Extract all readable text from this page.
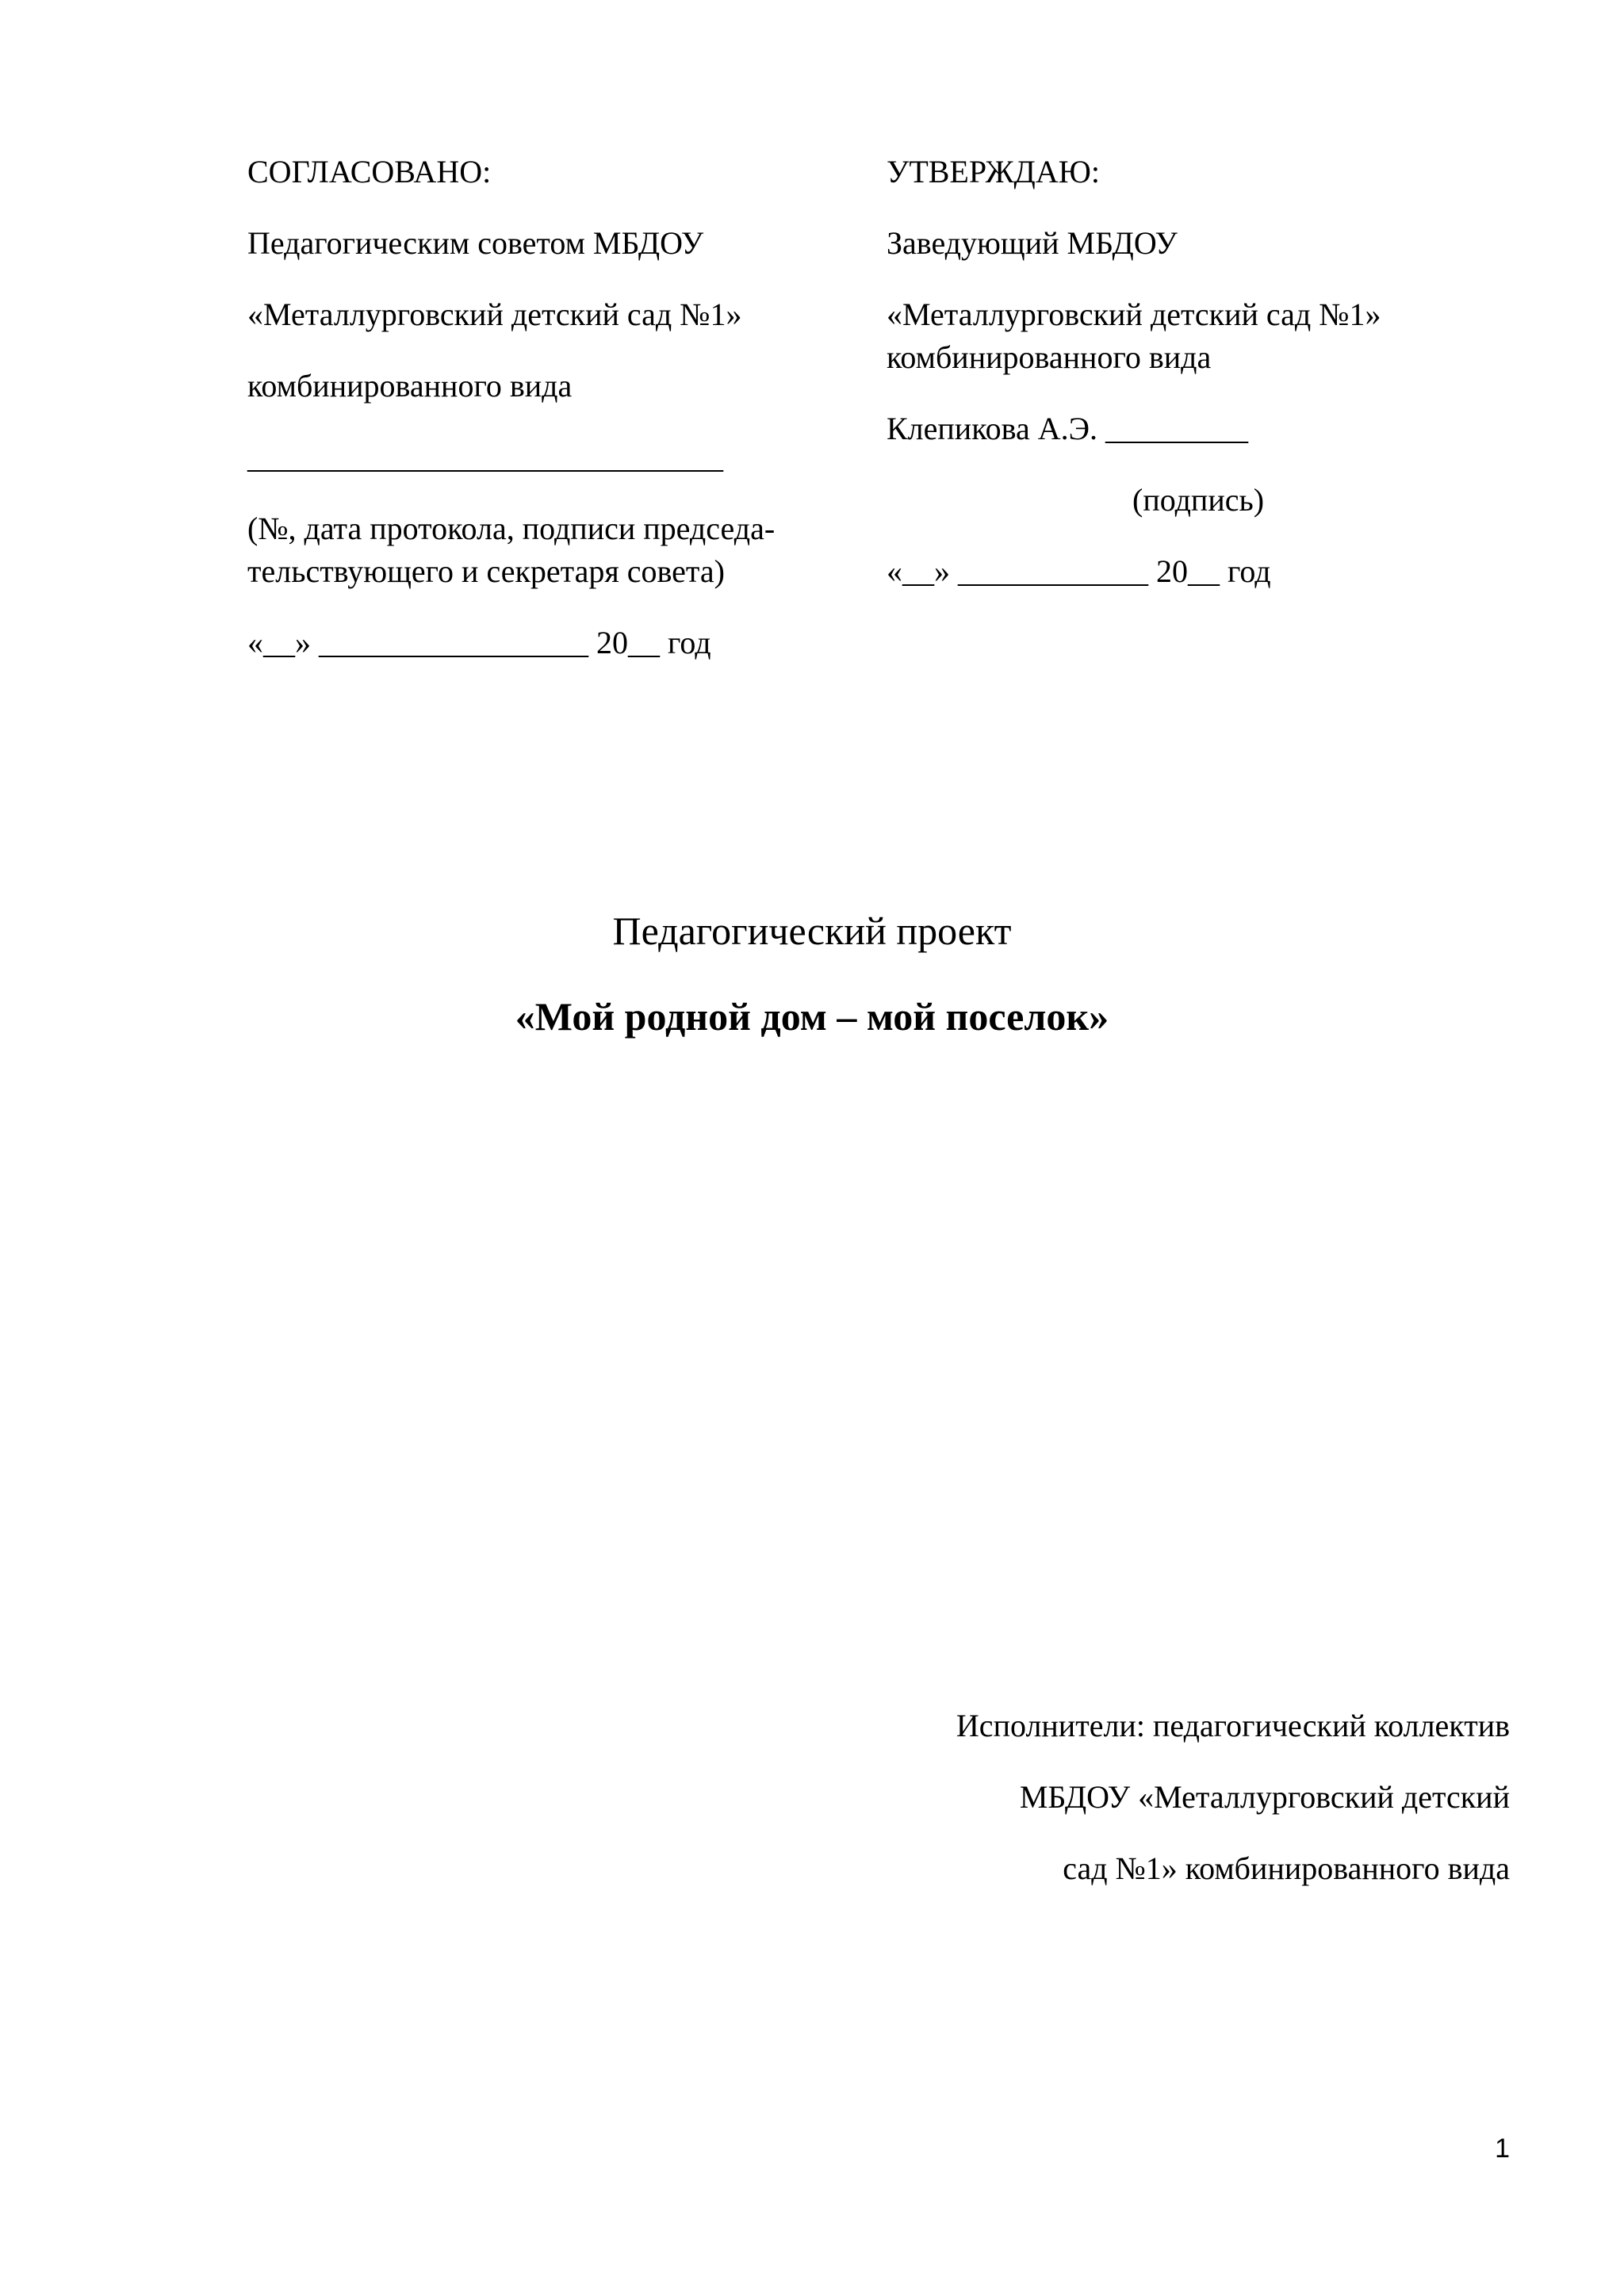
СОГЛАСОВАНО:
Педагогическим советом МБДОУ
«Металлурговский детский сад №1»
комбинированного вида
______________________________
(№, дата протокола, подписи председа-
тельствующего и секретаря совета)
«__» _________________ 20__ год
УТВЕРЖДАЮ:
Заведующий МБДОУ
«Металлурговский детский сад №1»
комбинированного вида
Клепикова А.Э. _________
(подпись)
«__» ____________ 20__ год
Педагогический проект
«Мой родной дом – мой поселок»
Исполнители: педагогический коллектив
МБДОУ «Металлурговский детский
сад №1» комбинированного вида
1
